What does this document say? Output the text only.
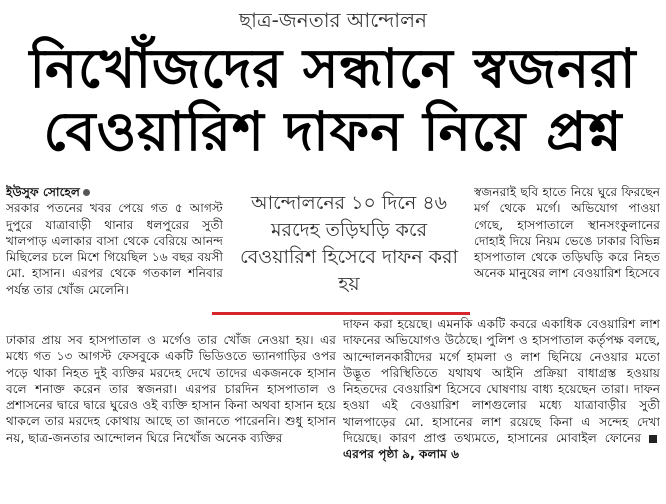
ছাত্র-জনতার আন্দোলন
নিখোঁজদের সন্ধানে স্বজনরা
বেওয়ারিশ দাফন নিয়ে প্রশ্ন

ইউসুফ সোহেল
সরকার পতনের খবর পেয়ে গত ৫ আগস্ট দুপুরে যাত্রাবাড়ী থানার ধলপুরের সুতী খালপাড় এলাকার বাসা থেকে বেরিয়ে আনন্দ মিছিলের চলে মিশে গিয়েছিল ১৬ বছর বয়সী মো. হাসান। এরপর থেকে গতকাল শনিবার পর্যন্ত তার খোঁজ মেলেনি।

আন্দোলনের ১০ দিনে ৪৬ মরদেহ তড়িঘড়ি করে বেওয়ারিশ হিসেবে দাফন করা হয়

স্বজনরাই ছবি হাতে নিয়ে ঘুরে ফিরছেন মর্গ থেকে মর্গে। অভিযোগ পাওয়া গেছে, হাসপাতালে স্থানসংকুলানের দোহাই দিয়ে নিয়ম ভেঙে ঢাকার বিভিন্ন হাসপাতাল থেকে তড়িঘড়ি করে নিহত অনেক মানুষের লাশ বেওয়ারিশ হিসেবে

ঢাকার প্রায় সব হাসপাতাল ও মর্গেও তার খোঁজ নেওয়া হয়। এর মধ্যে গত ১৩ আগস্ট ফেসবুকে একটি ভিডিওতে ভ্যানগাড়ির ওপর পড়ে থাকা নিহত দুই ব্যক্তির মরদেহ দেখে তাদের একজনকে হাসান বলে শনাক্ত করেন তার স্বজনরা। এরপর চারদিন হাসপাতাল ও প্রশাসনের দ্বারে দ্বারে ঘুরেও ওই ব্যক্তি হাসান কিনা অথবা হাসান হয়ে থাকলে তার মরদেহ কোথায় আছে তা জানতে পারেননি। শুধু হাসান নয়, ছাত্র-জনতার আন্দোলন ঘিরে নিখোঁজ অনেক ব্যক্তির

দাফন করা হয়েছে। এমনকি একটি কবরে একাধিক বেওয়ারিশ লাশ দাফনের অভিযোগও উঠেছে। পুলিশ ও হাসপাতাল কর্তৃপক্ষ বলছে, আন্দোলনকারীদের মর্গে হামলা ও লাশ ছিনিয়ে নেওয়ার মতো উদ্ভূত পরিস্থিতিতে যথাযথ আইনি প্রক্রিয়া বাধাগ্রস্ত হওয়ায় নিহতদের বেওয়ারিশ হিসেবে ঘোষণায় বাধ্য হয়েছেন তারা। দাফন হওয়া এই বেওয়ারিশ লাশগুলোর মধ্যে যাত্রাবাড়ীর সুতী খালপাড়ের মো. হাসানের লাশ রয়েছে কিনা এ সন্দেহ দেখা দিয়েছে। কারণ প্রাপ্ত তথ্যমতে, হাসানের মোবাইল ফোনের এরপর পৃষ্ঠা ৯, কলাম ৬
